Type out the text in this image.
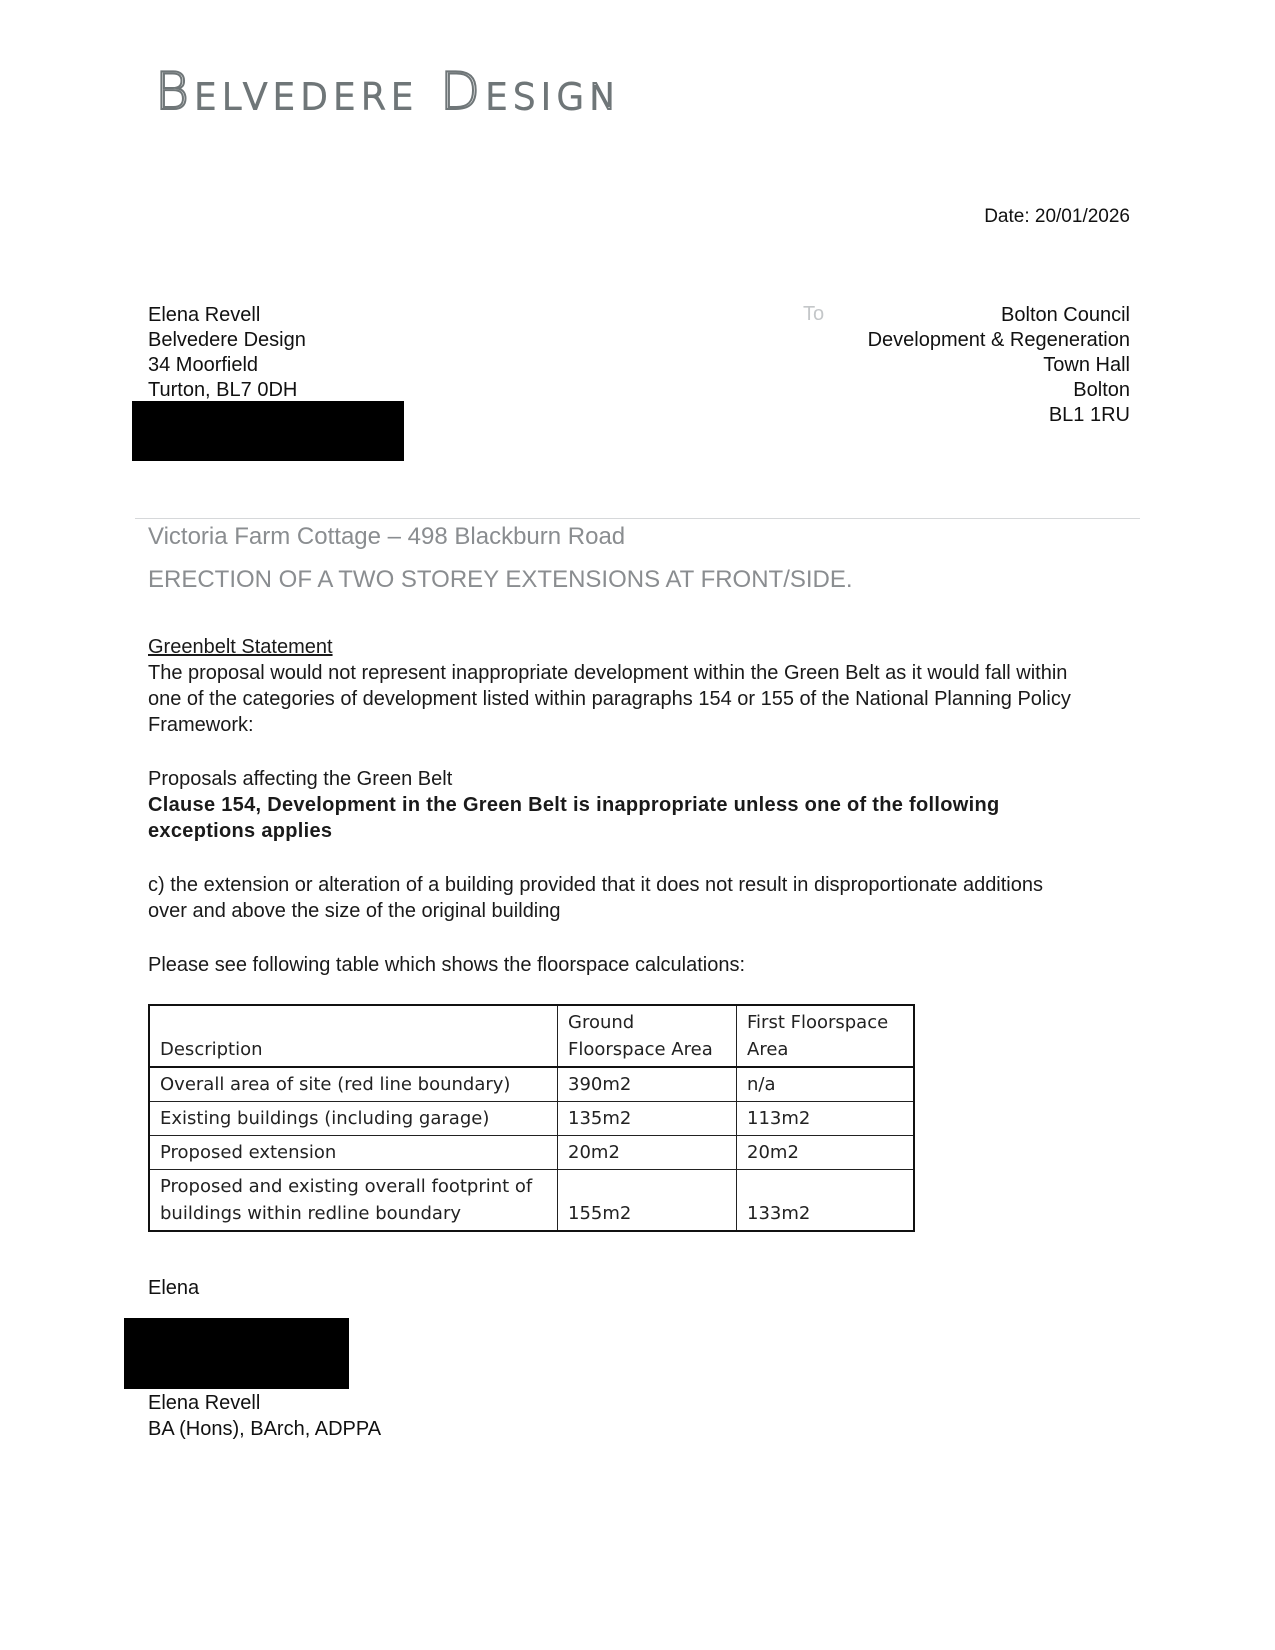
Belvedere Design
Date: 20/01/2026
Elena Revell
Belvedere Design
34 Moorfield
Turton, BL7 0DH
To	Bolton Council
Development & Regeneration
Town Hall
Bolton
BL1 1RU
Victoria Farm Cottage – 498 Blackburn Road
ERECTION OF A TWO STOREY EXTENSIONS AT FRONT/SIDE.
Greenbelt Statement
The proposal would not represent inappropriate development within the Green Belt as it would fall within one of the categories of development listed within paragraphs 154 or 155 of the National Planning Policy Framework:
Proposals affecting the Green Belt
Clause 154, Development in the Green Belt is inappropriate unless one of the following exceptions applies
c) the extension or alteration of a building provided that it does not result in disproportionate additions over and above the size of the original building
Please see following table which shows the floorspace calculations:
Description	Ground Floorspace Area	First Floorspace Area
Overall area of site (red line boundary)	390m2	n/a
Existing buildings (including garage)	135m2	113m2
Proposed extension	20m2	20m2
Proposed and existing overall footprint of buildings within redline boundary	155m2	133m2
Elena
Elena Revell
BA (Hons), BArch, ADPPA
